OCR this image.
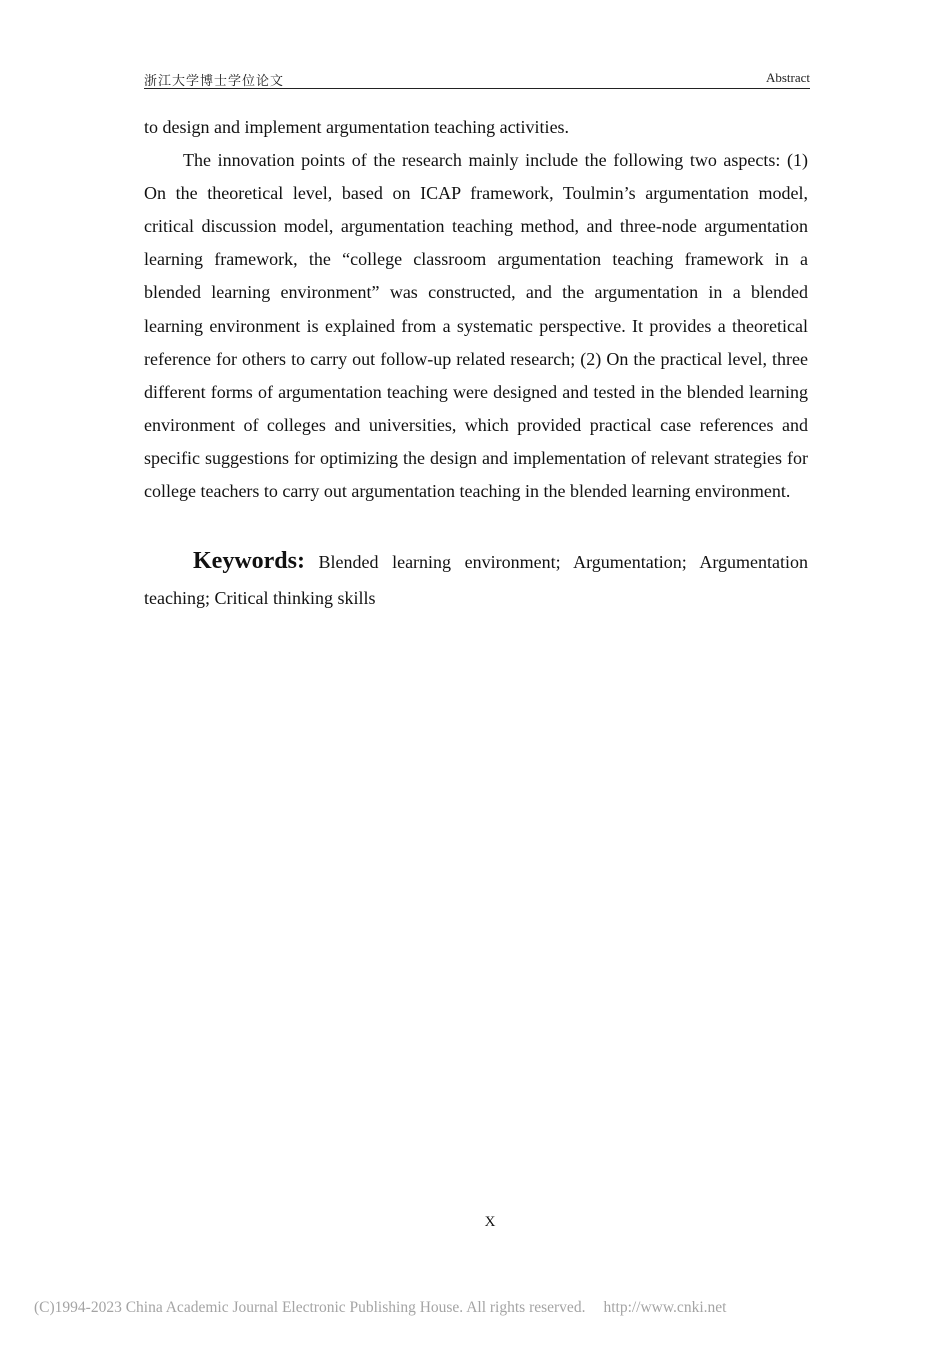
浙江大学博士学位论文	Abstract

to design and implement argumentation teaching activities.

The innovation points of the research mainly include the following two aspects: (1) On the theoretical level, based on ICAP framework, Toulmin’s argumentation model, critical discussion model, argumentation teaching method, and three-node argumentation learning framework, the “college classroom argumentation teaching framework in a blended learning environment” was constructed, and the argumentation in a blended learning environment is explained from a systematic perspective. It provides a theoretical reference for others to carry out follow-up related research; (2) On the practical level, three different forms of argumentation teaching were designed and tested in the blended learning environment of colleges and universities, which provided practical case references and specific suggestions for optimizing the design and implementation of relevant strategies for college teachers to carry out argumentation teaching in the blended learning environment.

Keywords: Blended learning environment; Argumentation; Argumentation teaching; Critical thinking skills
X
(C)1994-2023 China Academic Journal Electronic Publishing House. All rights reserved. http://www.cnki.net
